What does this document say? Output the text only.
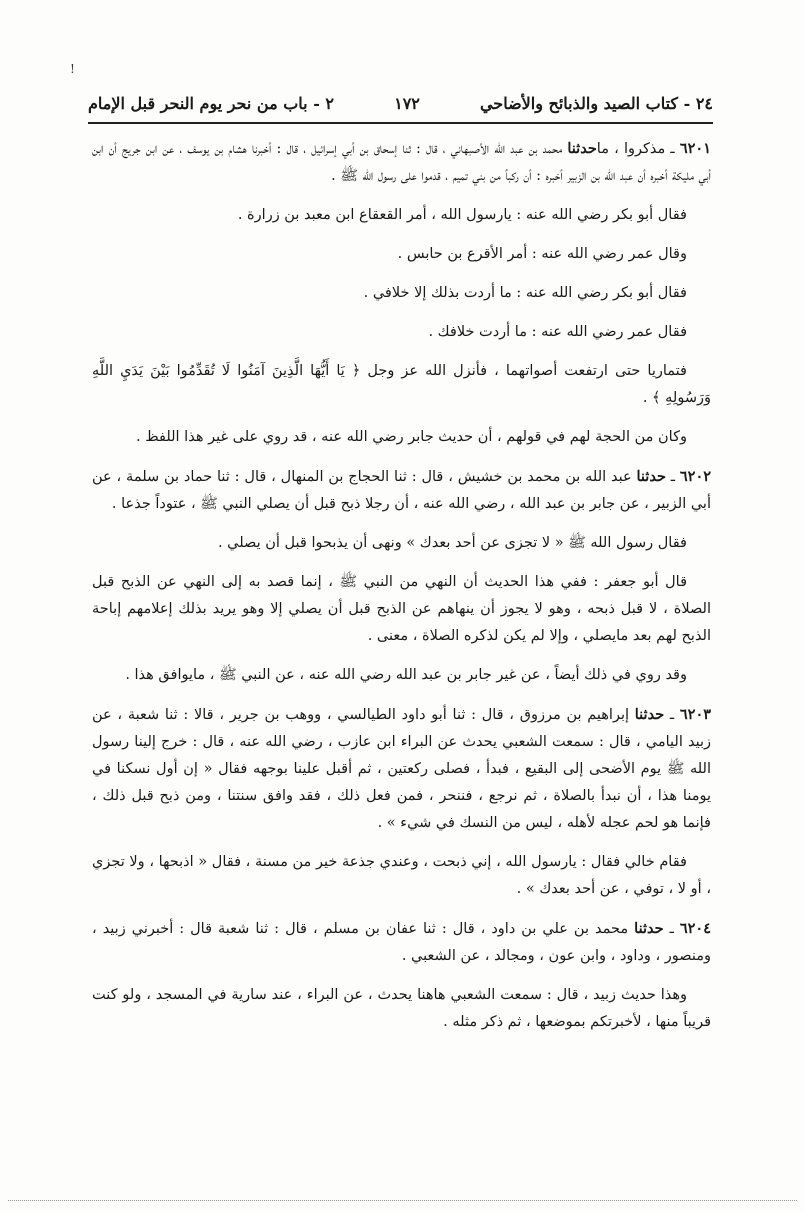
!
٢٤ - كتاب الصيد والذبائح والأضاحي
١٧٢
٢ - باب من نحر يوم النحر قبل الإمام

٦٢٠١ ـ مذكروا ، ماحدثنا محمد بن عبد الله الأصبهاني ، قال : ثنا إسحاق بن أبي إسرائيل ، قال : أخبرنا هشام بن يوسف ، عن ابن جريج أن ابن أبي مليكة أخبره أن عبد الله بن الزبير أخبره : أن ركباً من بني تميم ، قدموا على رسول الله ﷺ .

فقال أبو بكر رضي الله عنه : يارسول الله ، أمر القعقاع ابن معبد بن زرارة .

وقال عمر رضي الله عنه : أمر الأقرع بن حابس .

فقال أبو بكر رضي الله عنه : ما أردت بذلك إلا خلافي .

فقال عمر رضي الله عنه : ما أردت خلافك .

فتماريا حتى ارتفعت أصواتهما ، فأنزل الله عز وجل ﴿ يَا أَيُّهَا الَّذِينَ آمَنُوا لَا تُقَدِّمُوا بَيْنَ يَدَيِ اللَّهِ وَرَسُولِهِ ﴾ .

وكان من الحجة لهم في قولهم ، أن حديث جابر رضي الله عنه ، قد روي على غير هذا اللفظ .

٦٢٠٢ ـ حدثنا عبد الله بن محمد بن خشيش ، قال : ثنا الحجاج بن المنهال ، قال : ثنا حماد بن سلمة ، عن أبي الزبير ، عن جابر بن عبد الله ، رضي الله عنه ، أن رجلا ذبح قبل أن يصلي النبي ﷺ ، عتوداً جذعا .

فقال رسول الله ﷺ « لا تجزى عن أحد بعدك » ونهى أن يذبحوا قبل أن يصلي .

قال أبو جعفر : ففي هذا الحديث أن النهي من النبي ﷺ ، إنما قصد به إلى النهي عن الذبح قبل الصلاة ، لا قبل ذبحه ، وهو لا يجوز أن ينهاهم عن الذبح قبل أن يصلي إلا وهو يريد بذلك إعلامهم إباحة الذبح لهم بعد مايصلي ، وإلا لم يكن لذكره الصلاة ، معنى .

وقد روي في ذلك أيضاً ، عن غير جابر بن عبد الله رضي الله عنه ، عن النبي ﷺ ، مايوافق هذا .

٦٢٠٣ ـ حدثنا إبراهيم بن مرزوق ، قال : ثنا أبو داود الطيالسي ، ووهب بن جرير ، قالا : ثنا شعبة ، عن زبيد اليامي ، قال : سمعت الشعبي يحدث عن البراء ابن عازب ، رضي الله عنه ، قال : خرج إلينا رسول الله ﷺ يوم الأضحى إلى البقيع ، فبدأ ، فصلى ركعتين ، ثم أقبل علينا بوجهه فقال « إن أول نسكنا في يومنا هذا ، أن نبدأ بالصلاة ، ثم نرجع ، فننحر ، فمن فعل ذلك ، فقد وافق سنتنا ، ومن ذبح قبل ذلك ، فإنما هو لحم عجله لأهله ، ليس من النسك في شيء » .

فقام خالي فقال : يارسول الله ، إني ذبحت ، وعندي جذعة خير من مسنة ، فقال « اذبحها ، ولا تجزي ، أو لا ، توفي ، عن أحد بعدك » .

٦٢٠٤ ـ حدثنا محمد بن علي بن داود ، قال : ثنا عفان بن مسلم ، قال : ثنا شعبة قال : أخبرني زبيد ، ومنصور ، وداود ، وابن عون ، ومجالد ، عن الشعبي .

وهذا حديث زبيد ، قال : سمعت الشعبي هاهنا يحدث ، عن البراء ، عند سارية في المسجد ، ولو كنت قريباً منها ، لأخبرتكم بموضعها ، ثم ذكر مثله .
